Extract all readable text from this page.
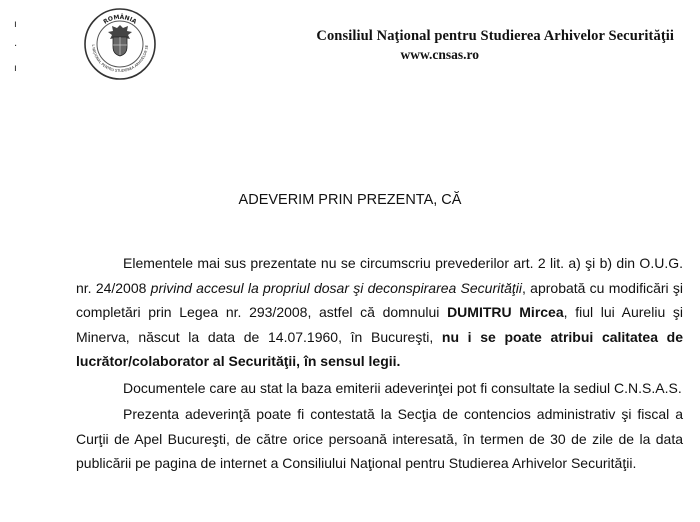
ı
·
ı
ROMÂNIA
L NAȚIONAL PENTRU STUDIEREA ARHIVELOR SE
Consiliul Naţional pentru Studierea Arhivelor Securităţii
www.cnsas.ro
ADEVERIM PRIN PREZENTA, CĂ

Elementele mai sus prezentate nu se circumscriu prevederilor art. 2 lit. a) şi b) din O.U.G. nr. 24/2008 privind accesul la propriul dosar şi deconspirarea Securităţii, aprobată cu modificări şi completări prin Legea nr. 293/2008, astfel că domnului DUMITRU Mircea, fiul lui Aureliu şi Minerva, născut la data de 14.07.1960, în Bucureşti, nu i se poate atribui calitatea de lucrător/colaborator al Securităţii, în sensul legii.

Documentele care au stat la baza emiterii adeverinţei pot fi consultate la sediul C.N.S.A.S.

Prezenta adeverinţă poate fi contestată la Secţia de contencios administrativ şi fiscal a Curţii de Apel Bucureşti, de către orice persoană interesată, în termen de 30 de zile de la data publicării pe pagina de internet a Consiliului Naţional pentru Studierea Arhivelor Securităţii.
